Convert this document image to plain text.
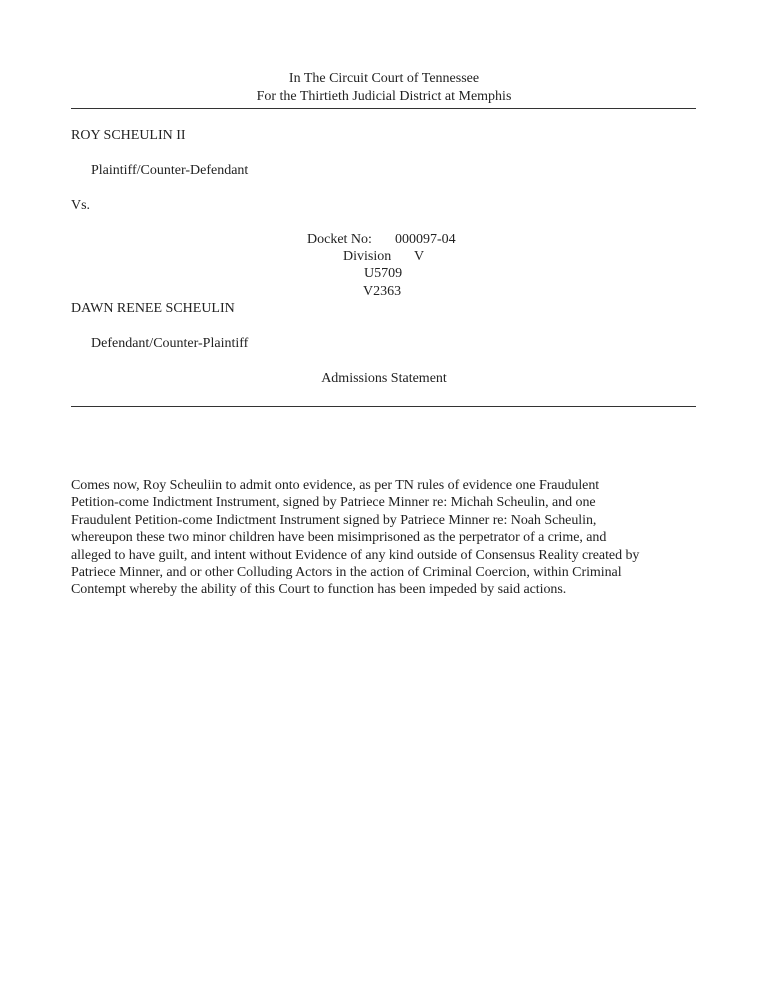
In The Circuit Court of Tennessee
For the Thirtieth Judicial District at Memphis
ROY SCHEULIN II
Plaintiff/Counter-Defendant
Vs.
Docket No: 000097-04
Division V
U5709
V2363
DAWN RENEE SCHEULIN
Defendant/Counter-Plaintiff
Admissions Statement
Comes now, Roy Scheuliin to admit onto evidence, as per TN rules of evidence one Fraudulent
Petition-come Indictment Instrument, signed by Patriece Minner re: Michah Scheulin, and one
Fraudulent Petition-come Indictment Instrument signed by Patriece Minner re: Noah Scheulin,
whereupon these two minor children have been misimprisoned as the perpetrator of a crime, and
alleged to have guilt, and intent without Evidence of any kind outside of Consensus Reality created by
Patriece Minner, and or other Colluding Actors in the action of Criminal Coercion, within Criminal
Contempt whereby the ability of this Court to function has been impeded by said actions.
